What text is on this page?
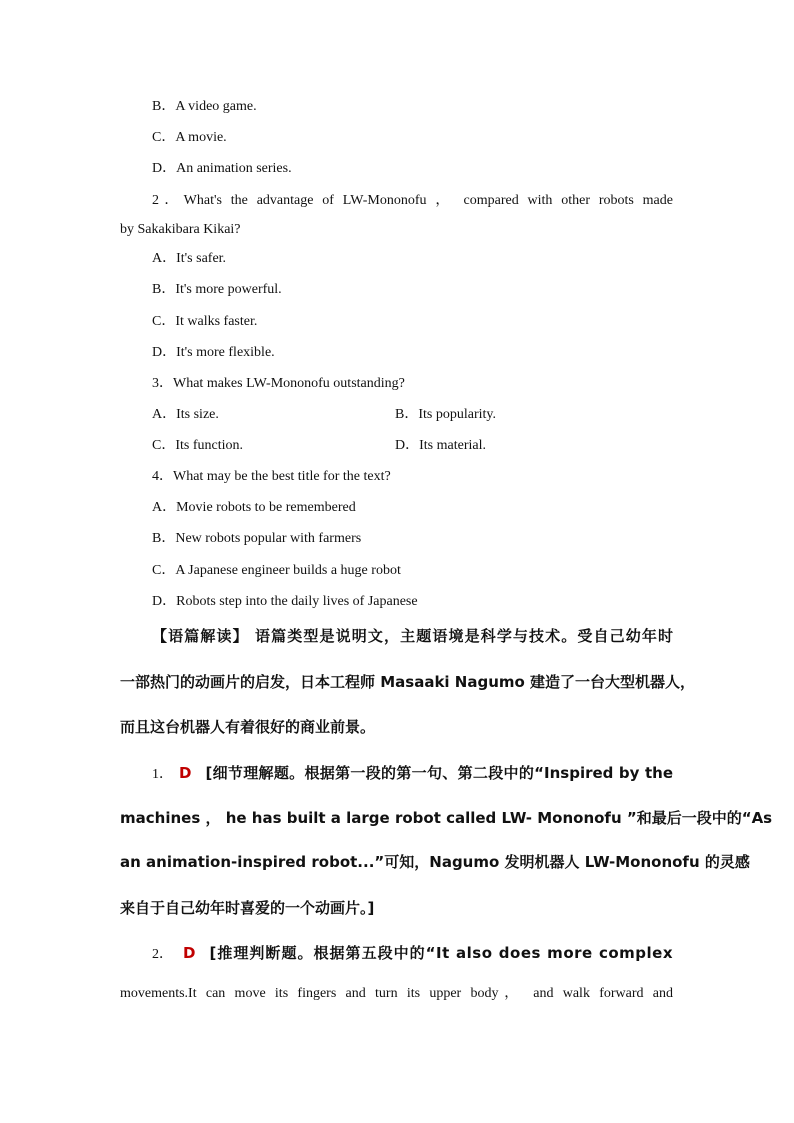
B．A video game.
C．A movie.
D．An animation series.
2．What's the advantage of LW-Mononofu ， compared with other robots made
by Sakakibara Kikai?
A．It's safer.
B．It's more powerful.
C．It walks faster.
D．It's more flexible.
3．What makes LW-Mononofu outstanding?
A．Its size.	B．Its popularity.
C．Its function.	D．Its material.
4．What may be the best title for the text?
A．Movie robots to be remembered
B．New robots popular with farmers
C．A Japanese engineer builds a huge robot
D．Robots step into the daily lives of Japanese
【语篇解读】 语篇类型是说明文，主题语境是科学与技术。受自己幼年时
一部热门的动画片的启发，日本工程师 Masaaki Nagumo 建造了一台大型机器人，
而且这台机器人有着很好的商业前景。
1． D [细节理解题。根据第一段的第一句、第二段中的“Inspired by the
machines ， he has built a large robot called LW- Mononofu ”和最后一段中的“As
an animation-inspired robot...”可知，Nagumo 发明机器人 LW-Mononofu 的灵感
来自于自己幼年时喜爱的一个动画片。]
2． D [推理判断题。根据第五段中的“It also does more complex
movements.It can move its fingers and turn its upper body， and walk forward and
